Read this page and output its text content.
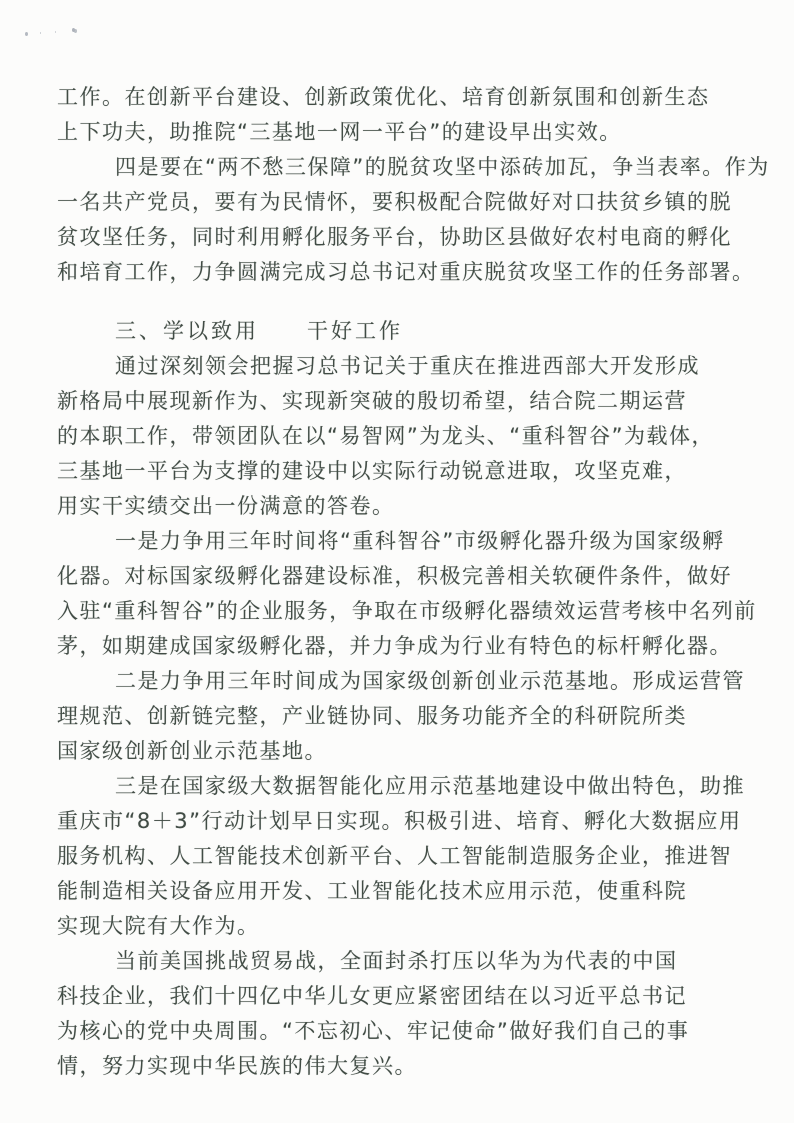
工作。在创新平台建设、创新政策优化、培育创新氛围和创新生态
上下功夫，助推院“三基地一网一平台”的建设早出实效。
四是要在“两不愁三保障”的脱贫攻坚中添砖加瓦，争当表率。作为
一名共产党员，要有为民情怀，要积极配合院做好对口扶贫乡镇的脱
贫攻坚任务，同时利用孵化服务平台，协助区县做好农村电商的孵化
和培育工作，力争圆满完成习总书记对重庆脱贫攻坚工作的任务部署。
三、学以致用　　干好工作
通过深刻领会把握习总书记关于重庆在推进西部大开发形成
新格局中展现新作为、实现新突破的殷切希望，结合院二期运营
的本职工作，带领团队在以“易智网”为龙头、“重科智谷”为载体，
三基地一平台为支撑的建设中以实际行动锐意进取，攻坚克难，
用实干实绩交出一份满意的答卷。
一是力争用三年时间将“重科智谷”市级孵化器升级为国家级孵
化器。对标国家级孵化器建设标准，积极完善相关软硬件条件，做好
入驻“重科智谷”的企业服务，争取在市级孵化器绩效运营考核中名列前
茅，如期建成国家级孵化器，并力争成为行业有特色的标杆孵化器。
二是力争用三年时间成为国家级创新创业示范基地。形成运营管
理规范、创新链完整，产业链协同、服务功能齐全的科研院所类
国家级创新创业示范基地。
三是在国家级大数据智能化应用示范基地建设中做出特色，助推
重庆市“8＋3”行动计划早日实现。积极引进、培育、孵化大数据应用
服务机构、人工智能技术创新平台、人工智能制造服务企业，推进智
能制造相关设备应用开发、工业智能化技术应用示范，使重科院
实现大院有大作为。
当前美国挑战贸易战，全面封杀打压以华为为代表的中国
科技企业，我们十四亿中华儿女更应紧密团结在以习近平总书记
为核心的党中央周围。“不忘初心、牢记使命”做好我们自己的事
情，努力实现中华民族的伟大复兴。
